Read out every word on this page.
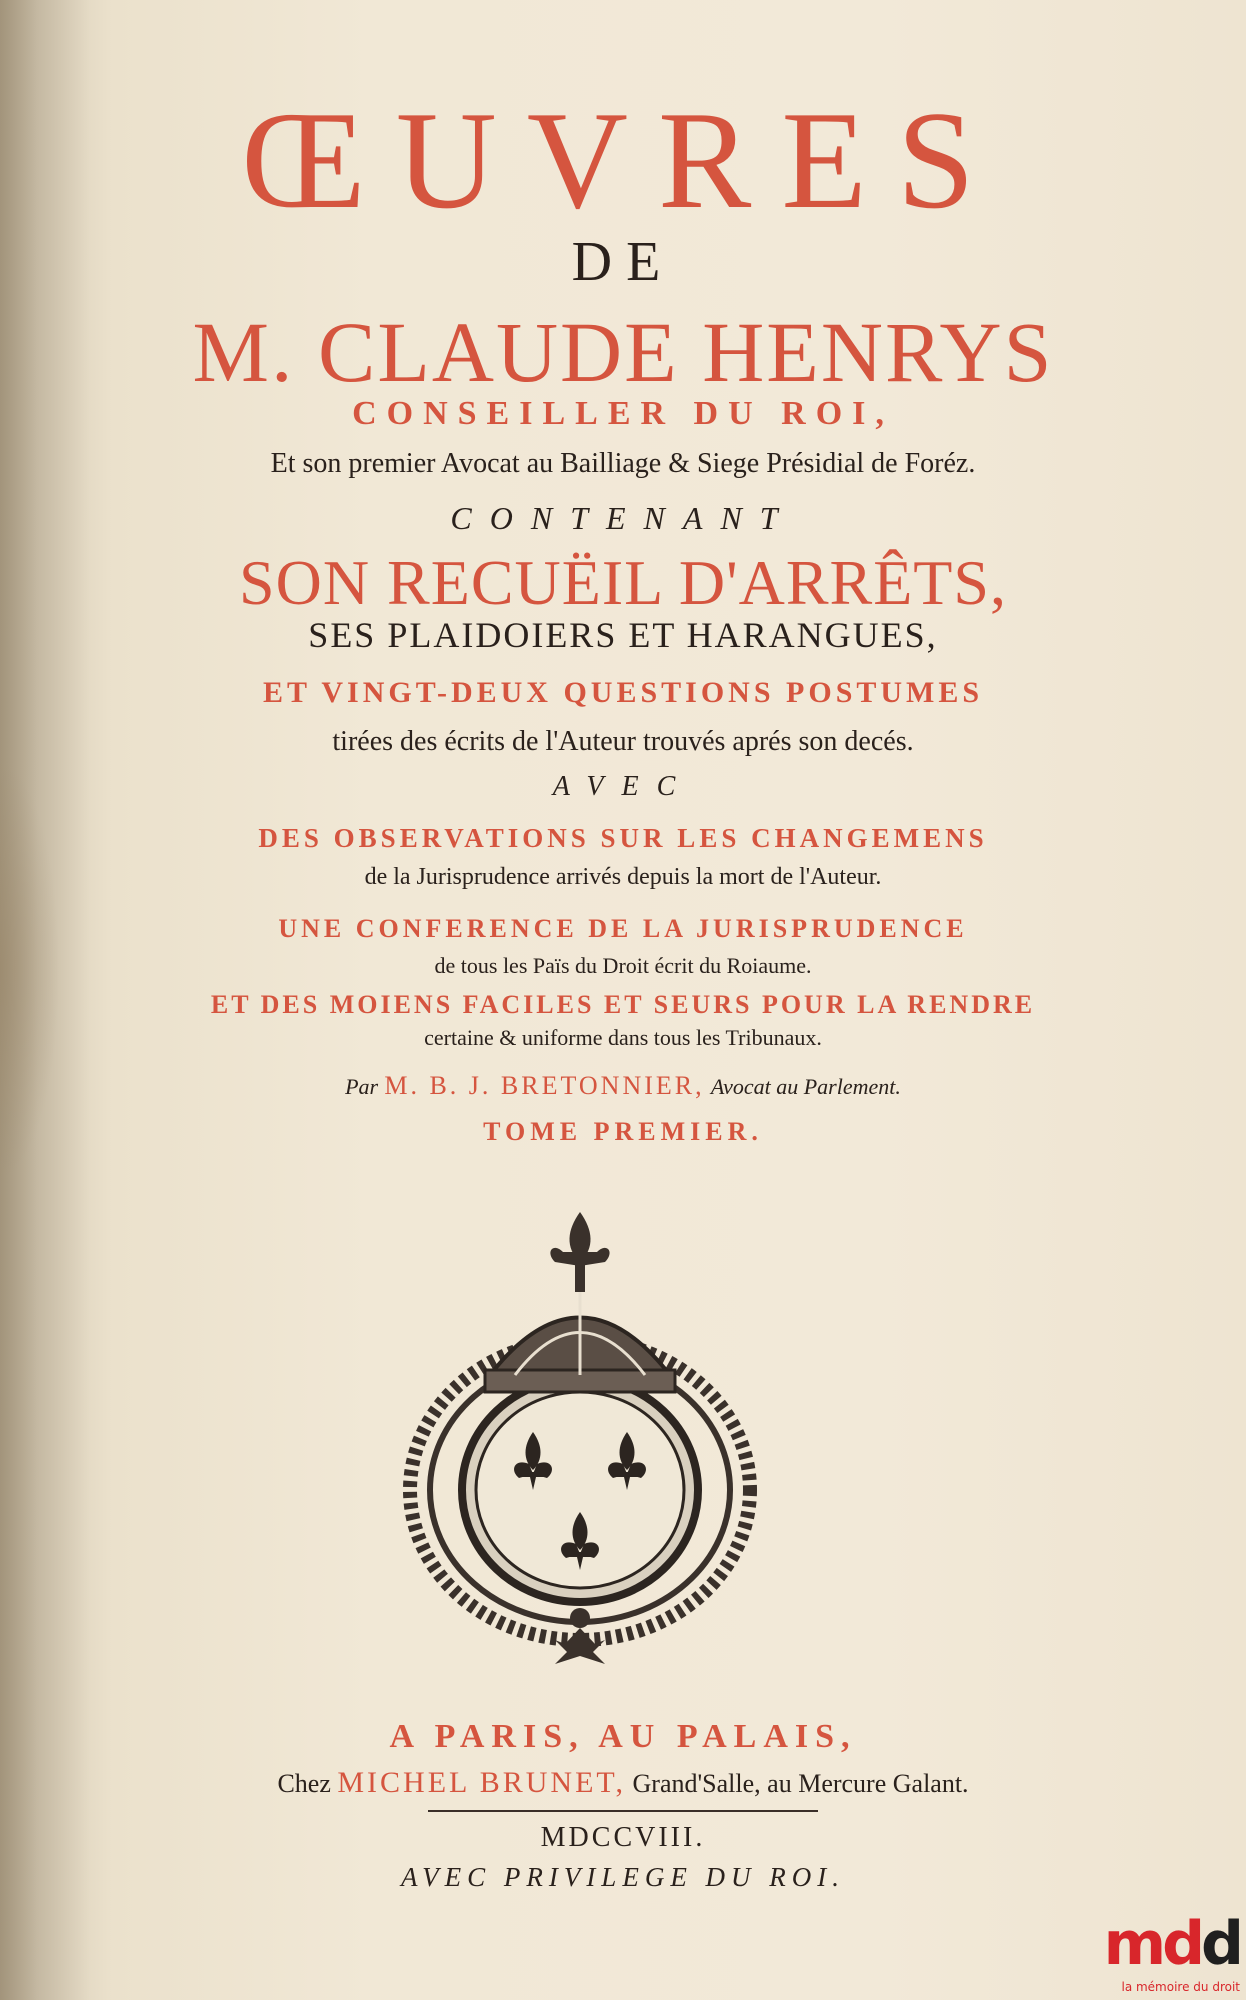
ŒUVRES
DE
M. CLAUDE HENRYS
CONSEILLER DU ROI,
Et son premier Avocat au Bailliage & Siege Présidial de Foréz.
CONTENANT
SON RECUËIL D'ARRÊTS,
SES PLAIDOIERS ET HARANGUES,
ET VINGT-DEUX QUESTIONS POSTUMES
tirées des écrits de l'Auteur trouvés aprés son decés.
AVEC
DES OBSERVATIONS SUR LES CHANGEMENS
de la Jurisprudence arrivés depuis la mort de l'Auteur.
UNE CONFERENCE DE LA JURISPRUDENCE
de tous les Païs du Droit écrit du Roiaume.
ET DES MOIENS FACILES ET SEURS POUR LA RENDRE
certaine & uniforme dans tous les Tribunaux.
Par M. B. J. BRETONNIER, Avocat au Parlement.
TOME PREMIER.
A PARIS, AU PALAIS,
Chez MICHEL BRUNET, Grand'Salle, au Mercure Galant.
MDCCVIII.
AVEC PRIVILEGE DU ROI.
mdd
la mémoire du droit
